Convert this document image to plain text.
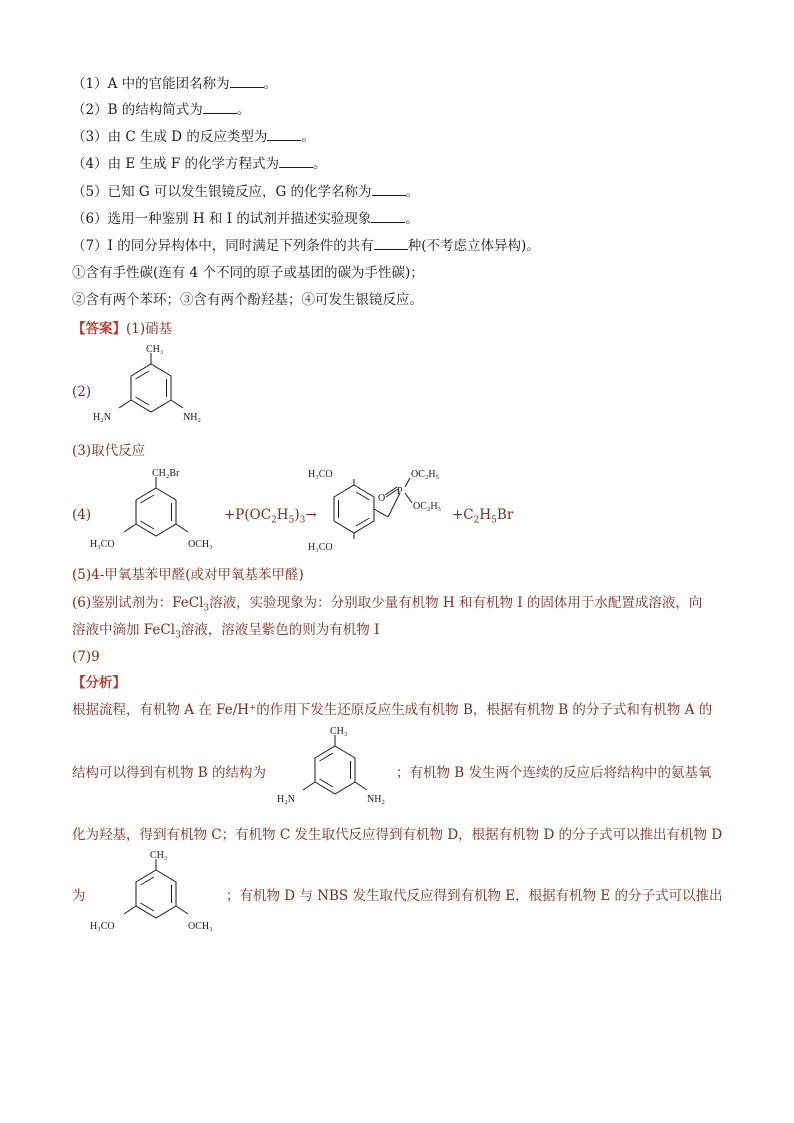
（1）A 中的官能团名称为	。
（2）B 的结构简式为	。
（3）由 C 生成 D 的反应类型为	。
（4）由 E 生成 F 的化学方程式为	。
（5）已知 G 可以发生银镜反应，G 的化学名称为	。
（6）选用一种鉴别 H 和 I 的试剂并描述实验现象	。
（7）I 的同分异构体中，同时满足下列条件的共有	种(不考虑立体异构)。
①含有手性碳(连有 4 个不同的原子或基团的碳为手性碳)；
②含有两个苯环；③含有两个酚羟基；④可发生银镜反应。
【答案】(1)硝基
(2)
CH₃
H₂N	NH₂
(3)取代反应
(4)
CH₂Br
H₃CO	OCH₃
$+P(OC_2H_5)_3\to$
H₃CO
H₃CO
P
O
OC₂H₅
OC₂H₅
$+C_2H_5Br$
(5)4-甲氧基苯甲醛(或对甲氧基苯甲醛)
(6)鉴别试剂为：FeCl$_3$溶液，实验现象为：分别取少量有机物 H 和有机物 I 的固体用于水配置成溶液，向
溶液中滴加 FeCl$_3$溶液，溶液呈紫色的则为有机物 I
(7)9
【分析】
根据流程，有机物 A 在 Fe/H⁺的作用下发生还原反应生成有机物 B，根据有机物 B 的分子式和有机物 A 的
结构可以得到有机物 B 的结构为
CH₃
H₂N	NH₂
；有机物 B 发生两个连续的反应后将结构中的氨基氧
化为羟基，得到有机物 C；有机物 C 发生取代反应得到有机物 D，根据有机物 D 的分子式可以推出有机物 D
为
CH₃
H₃CO	OCH₃
；有机物 D 与 NBS 发生取代反应得到有机物 E，根据有机物 E 的分子式可以推出
